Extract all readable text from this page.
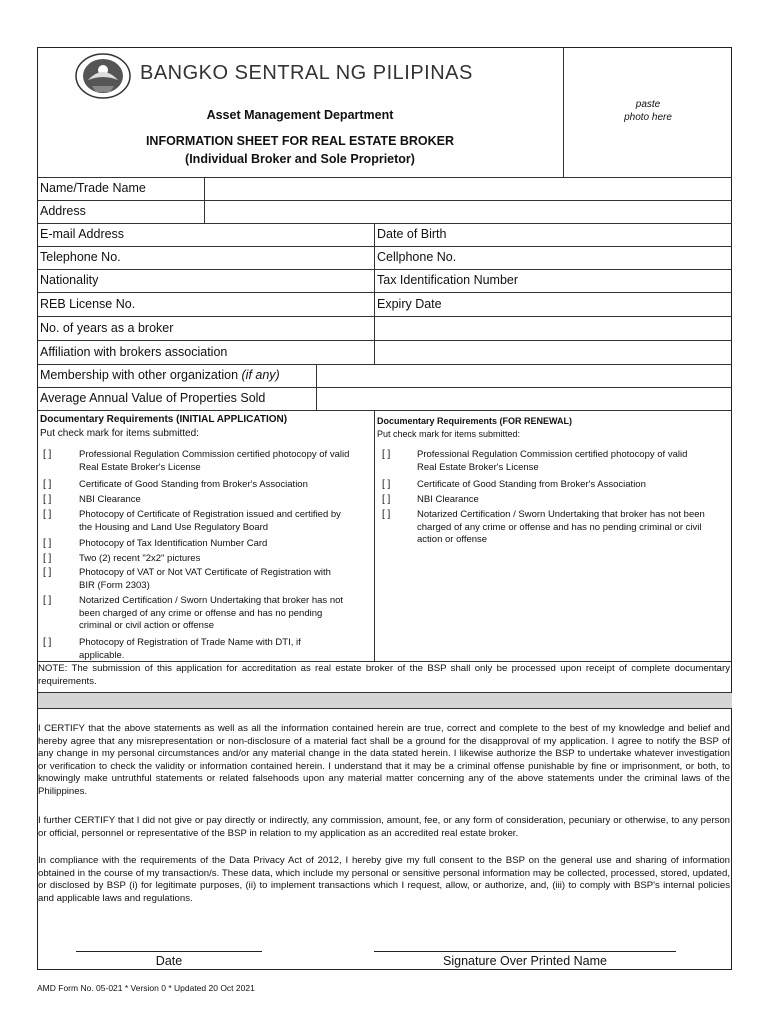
BANGKO SENTRAL NG PILIPINAS
Asset Management Department
INFORMATION SHEET FOR REAL ESTATE BROKER
(Individual Broker and Sole Proprietor)
paste
photo here
Name/Trade Name
Address
E-mail Address	Date of Birth
Telephone No.	Cellphone No.
Nationality	Tax Identification Number
REB License No.	Expiry Date
No. of years as a broker
Affiliation with brokers association
Membership with other organization (if any)
Average Annual Value of Properties Sold
Documentary Requirements (INITIAL APPLICATION)
Put check mark for items submitted:
Documentary Requirements (FOR RENEWAL)
Put check mark for items submitted:
[ ]	Professional Regulation Commission certified photocopy of valid
Real Estate Broker's License
[ ]	Certificate of Good Standing from Broker's Association
[ ]	NBI Clearance
[ ]	Photocopy of Certificate of Registration issued and certified by
the Housing and Land Use Regulatory Board
[ ]	Photocopy of Tax Identification Number Card
[ ]	Two (2) recent "2x2" pictures
[ ]	Photocopy of VAT or Not VAT Certificate of Registration with
BIR (Form 2303)
[ ]	Notarized Certification / Sworn Undertaking that broker has not
been charged of any crime or offense and has no pending
criminal or civil action or offense
[ ]	Photocopy of Registration of Trade Name with DTI, if
applicable.
[ ]	Professional Regulation Commission certified photocopy of valid
Real Estate Broker's License
[ ]	Certificate of Good Standing from Broker's Association
[ ]	NBI Clearance
[ ]	Notarized Certification / Sworn Undertaking that broker has not been
charged of any crime or offense and has no pending criminal or civil
action or offense
NOTE: The submission of this application for accreditation as real estate broker of the BSP shall only be processed upon receipt of complete documentary requirements.
I CERTIFY that the above statements as well as all the information contained herein are true, correct and complete to the best of my knowledge and belief and hereby agree that any misrepresentation or non-disclosure of a material fact shall be a ground for the disapproval of my application. I agree to notify the BSP of any change in my personal circumstances and/or any material change in the data stated herein. I likewise authorize the BSP to undertake whatever investigation or verification to check the validity or information contained herein. I understand that it may be a criminal offense punishable by fine or imprisonment, or both, to knowingly make untruthful statements or related falsehoods upon any material matter concerning any of the above statements under the criminal laws of the Philippines.
I further CERTIFY that I did not give or pay directly or indirectly, any commission, amount, fee, or any form of consideration, pecuniary or otherwise, to any person or official, personnel or representative of the BSP in relation to my application as an accredited real estate broker.
In compliance with the requirements of the Data Privacy Act of 2012, I hereby give my full consent to the BSP on the general use and sharing of information obtained in the course of my transaction/s. These data, which include my personal or sensitive personal information may be collected, processed, stored, updated, or disclosed by BSP (i) for legitimate purposes, (ii) to implement transactions which I request, allow, or authorize, and, (iii) to comply with BSP's internal policies and applicable laws and regulations.
Date	Signature Over Printed Name
AMD Form No. 05-021 * Version 0 * Updated 20 Oct 2021
